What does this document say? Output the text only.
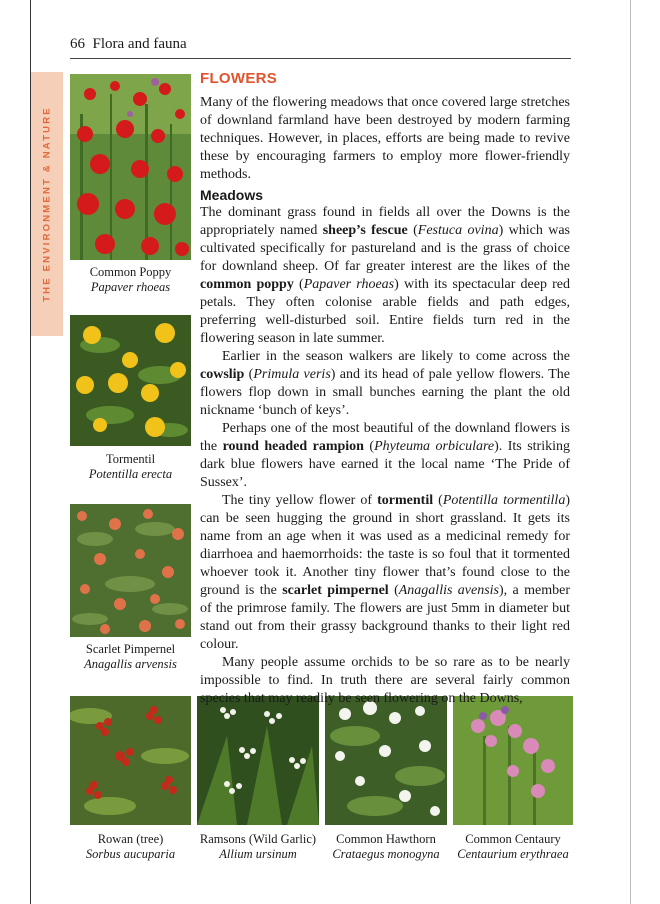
66 Flora and fauna
THE ENVIRONMENT & NATURE	Common Poppy
Papaver rhoeas
Tormentil
Potentilla erecta
Scarlet Pimpernel
Anagallis arvensis
Rowan (tree)
Sorbus aucuparia
Ramsons (Wild Garlic)
Allium ursinum
Common Hawthorn
Crataegus monogyna
Common Centaury
Centaurium erythraea
FLOWERS

Many of the flowering meadows that once covered large stretches of downland farmland have been destroyed by modern farming techniques. However, in places, efforts are being made to revive these by encouraging farmers to employ more flower-friendly methods.

Meadows

The dominant grass found in fields all over the Downs is the appropriately named sheep’s fescue (Festuca ovina) which was cultivated specifically for pastureland and is the grass of choice for downland sheep. Of far greater interest are the likes of the common poppy (Papaver rhoeas) with its spectacular deep red petals. They often colonise arable fields and path edges, preferring well-disturbed soil. Entire fields turn red in the flowering season in late summer.

Earlier in the season walkers are likely to come across the cowslip (Primula veris) and its head of pale yellow flowers. The flowers flop down in small bunches earning the plant the old nickname ‘bunch of keys’.

Perhaps one of the most beautiful of the downland flowers is the round headed rampion (Phyteuma orbiculare). Its striking dark blue flowers have earned it the local name ‘The Pride of Sussex’.

The tiny yellow flower of tormentil (Potentilla tormentilla) can be seen hugging the ground in short grassland. It gets its name from an age when it was used as a medicinal remedy for diarrhoea and haemorrhoids: the taste is so foul that it tormented whoever took it. Another tiny flower that’s found close to the ground is the scarlet pimpernel (Anagallis avensis), a member of the primrose family. The flowers are just 5mm in diameter but stand out from their grassy background thanks to their light red colour.

Many people assume orchids to be so rare as to be nearly impossible to find. In truth there are several fairly common species that may readily be seen flowering on the Downs,
